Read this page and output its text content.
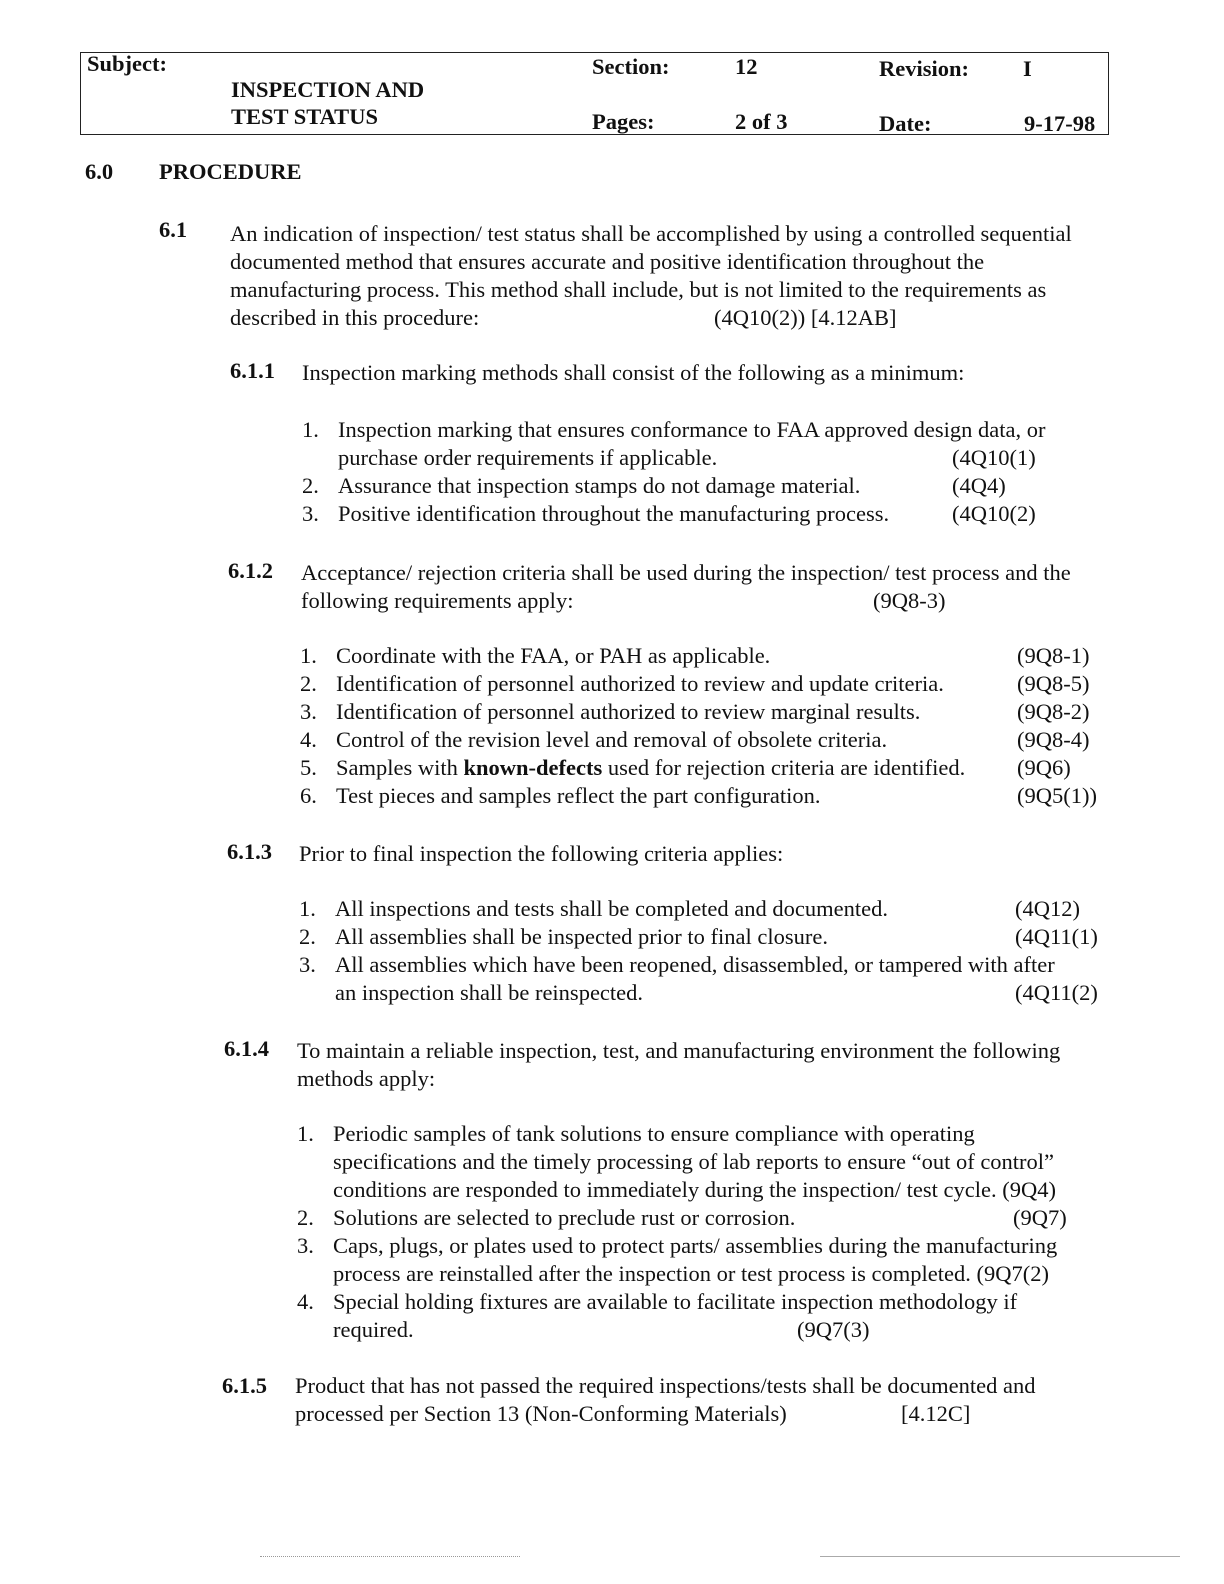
Subject:
INSPECTION AND
TEST STATUS
Section:	12	Revision: I
Pages:	2 of 3	Date:	9-17-98
6.0 PROCEDURE
6.1 An indication of inspection/ test status shall be accomplished by using a controlled sequential
documented method that ensures accurate and positive identification throughout the
manufacturing process. This method shall include, but is not limited to the requirements as
described in this procedure:	(4Q10(2)) [4.12AB]
6.1.1 Inspection marking methods shall consist of the following as a minimum:
1. Inspection marking that ensures conformance to FAA approved design data, or
purchase order requirements if applicable.	(4Q10(1)
2. Assurance that inspection stamps do not damage material.	(4Q4)
3. Positive identification throughout the manufacturing process.	(4Q10(2)
6.1.2 Acceptance/ rejection criteria shall be used during the inspection/ test process and the
following requirements apply:	(9Q8-3)
1. Coordinate with the FAA, or PAH as applicable.	(9Q8-1)
2. Identification of personnel authorized to review and update criteria.	(9Q8-5)
3. Identification of personnel authorized to review marginal results.	(9Q8-2)
4. Control of the revision level and removal of obsolete criteria.	(9Q8-4)
5. Samples with known-defects used for rejection criteria are identified. (9Q6)
6. Test pieces and samples reflect the part configuration.	(9Q5(1))
6.1.3 Prior to final inspection the following criteria applies:
1. All inspections and tests shall be completed and documented.	(4Q12)
2. All assemblies shall be inspected prior to final closure.	(4Q11(1)
3. All assemblies which have been reopened, disassembled, or tampered with after
an inspection shall be reinspected.	(4Q11(2)
6.1.4 To maintain a reliable inspection, test, and manufacturing environment the following
methods apply:
1. Periodic samples of tank solutions to ensure compliance with operating
specifications and the timely processing of lab reports to ensure “out of control”
conditions are responded to immediately during the inspection/ test cycle. (9Q4)
2. Solutions are selected to preclude rust or corrosion.	(9Q7)
3. Caps, plugs, or plates used to protect parts/ assemblies during the manufacturing
process are reinstalled after the inspection or test process is completed. (9Q7(2)
4. Special holding fixtures are available to facilitate inspection methodology if
required.	(9Q7(3)
6.1.5 Product that has not passed the required inspections/tests shall be documented and
processed per Section 13 (Non-Conforming Materials)	[4.12C]
